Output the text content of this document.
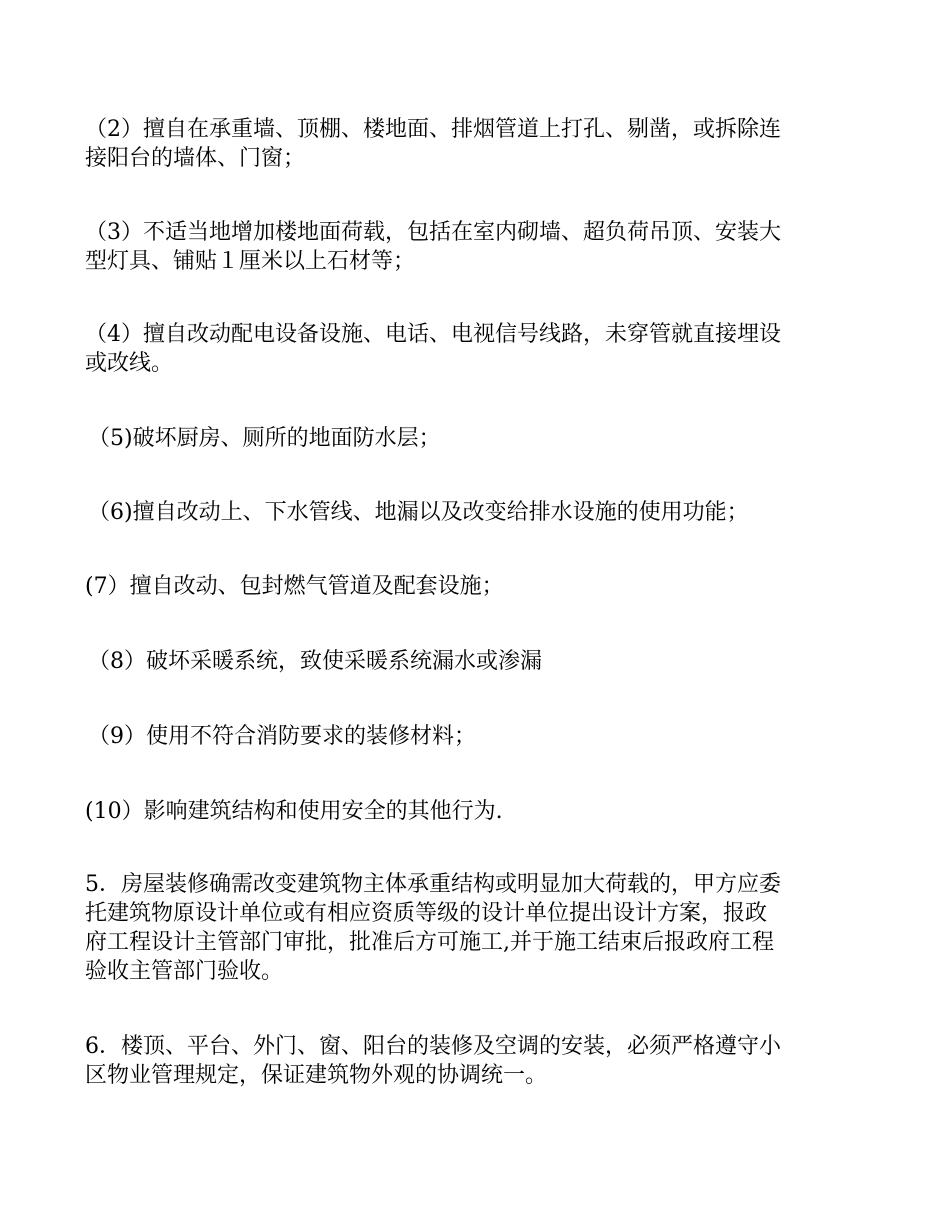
（2）擅自在承重墙、顶棚、楼地面、排烟管道上打孔、剔凿，或拆除连
接阳台的墙体、门窗；
（3）不适当地增加楼地面荷载，包括在室内砌墙、超负荷吊顶、安装大
型灯具、铺贴１厘米以上石材等；
（4）擅自改动配电设备设施、电话、电视信号线路，未穿管就直接埋设
或改线。
（5)破坏厨房、厕所的地面防水层；
（6)擅自改动上、下水管线、地漏以及改变给排水设施的使用功能；
(7）擅自改动、包封燃气管道及配套设施；
（8）破坏采暖系统，致使采暖系统漏水或渗漏
（9）使用不符合消防要求的装修材料；
(10）影响建筑结构和使用安全的其他行为.
5．房屋装修确需改变建筑物主体承重结构或明显加大荷载的，甲方应委
托建筑物原设计单位或有相应资质等级的设计单位提出设计方案，报政
府工程设计主管部门审批，批准后方可施工,并于施工结束后报政府工程
验收主管部门验收。
6．楼顶、平台、外门、窗、阳台的装修及空调的安装，必须严格遵守小
区物业管理规定，保证建筑物外观的协调统一。
